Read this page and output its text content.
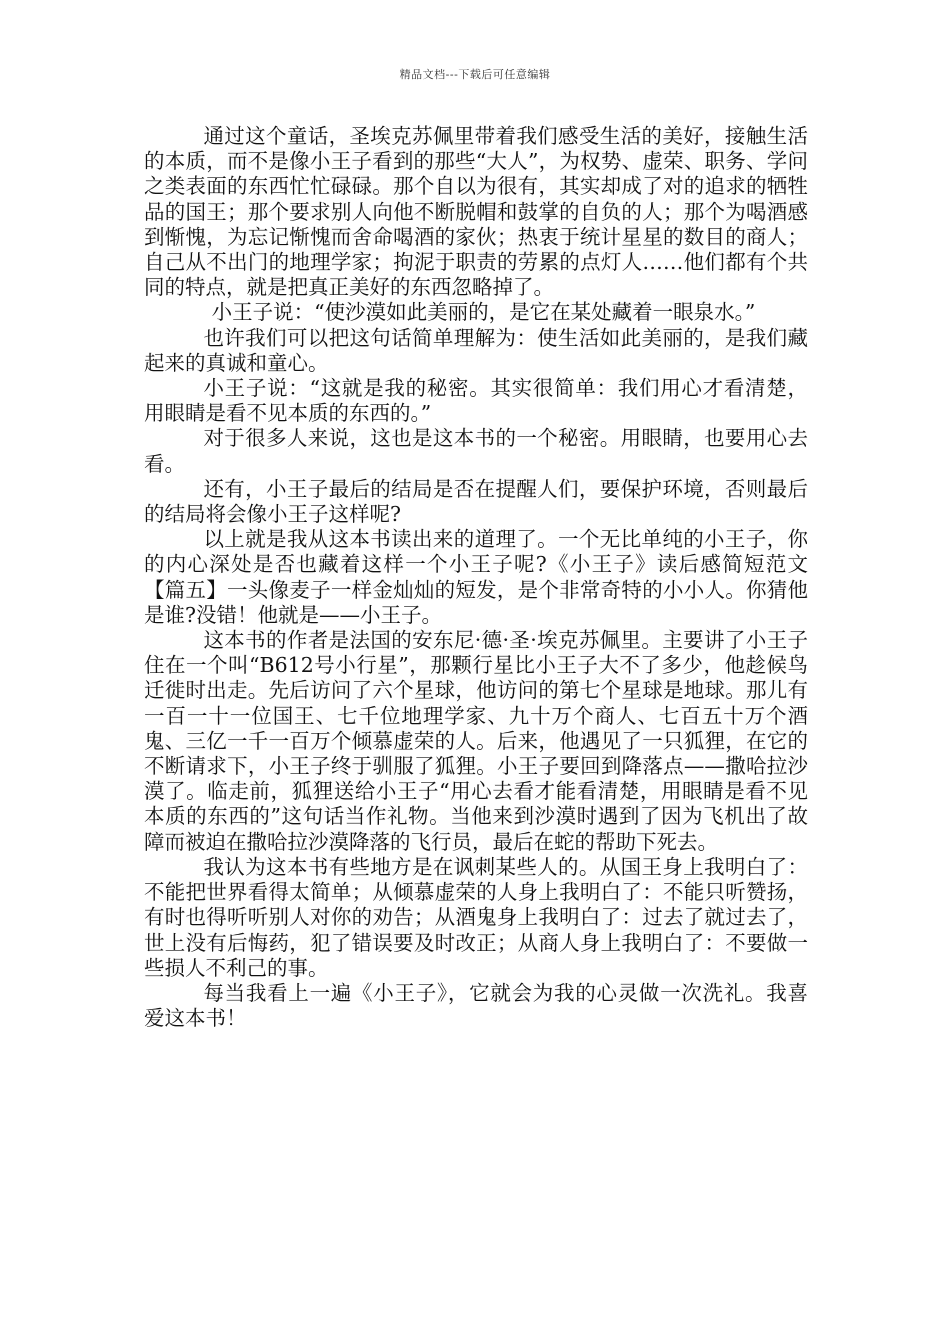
精品文档---下载后可任意编辑

通过这个童话，圣埃克苏佩里带着我们感受生活的美好，接触生活的本质，而不是像小王子看到的那些“大人”，为权势、虚荣、职务、学问之类表面的东西忙忙碌碌。那个自以为很有，其实却成了对的追求的牺牲品的国王；那个要求别人向他不断脱帽和鼓掌的自负的人；那个为喝酒感到惭愧，为忘记惭愧而舍命喝酒的家伙；热衷于统计星星的数目的商人；自己从不出门的地理学家；拘泥于职责的劳累的点灯人……他们都有个共同的特点，就是把真正美好的东西忽略掉了。

小王子说：“使沙漠如此美丽的，是它在某处藏着一眼泉水。”

也许我们可以把这句话简单理解为：使生活如此美丽的，是我们藏起来的真诚和童心。

小王子说：“这就是我的秘密。其实很简单：我们用心才看清楚，用眼睛是看不见本质的东西的。”

对于很多人来说，这也是这本书的一个秘密。用眼睛，也要用心去看。

还有，小王子最后的结局是否在提醒人们，要保护环境，否则最后的结局将会像小王子这样呢?

以上就是我从这本书读出来的道理了。一个无比单纯的小王子，你的内心深处是否也藏着这样一个小王子呢?《小王子》读后感简短范文【篇五】一头像麦子一样金灿灿的短发，是个非常奇特的小小人。你猜他是谁?没错！他就是——小王子。

这本书的作者是法国的安东尼·德·圣·埃克苏佩里。主要讲了小王子住在一个叫“B612号小行星”，那颗行星比小王子大不了多少，他趁候鸟迁徙时出走。先后访问了六个星球，他访问的第七个星球是地球。那儿有一百一十一位国王、七千位地理学家、九十万个商人、七百五十万个酒鬼、三亿一千一百万个倾慕虚荣的人。后来，他遇见了一只狐狸，在它的不断请求下，小王子终于驯服了狐狸。小王子要回到降落点——撒哈拉沙漠了。临走前，狐狸送给小王子“用心去看才能看清楚，用眼睛是看不见本质的东西的”这句话当作礼物。当他来到沙漠时遇到了因为飞机出了故障而被迫在撒哈拉沙漠降落的飞行员，最后在蛇的帮助下死去。

我认为这本书有些地方是在讽刺某些人的。从国王身上我明白了：不能把世界看得太简单；从倾慕虚荣的人身上我明白了：不能只听赞扬，有时也得听听别人对你的劝告；从酒鬼身上我明白了：过去了就过去了，世上没有后悔药，犯了错误要及时改正；从商人身上我明白了：不要做一些损人不利己的事。

每当我看上一遍《小王子》，它就会为我的心灵做一次洗礼。我喜爱这本书！
